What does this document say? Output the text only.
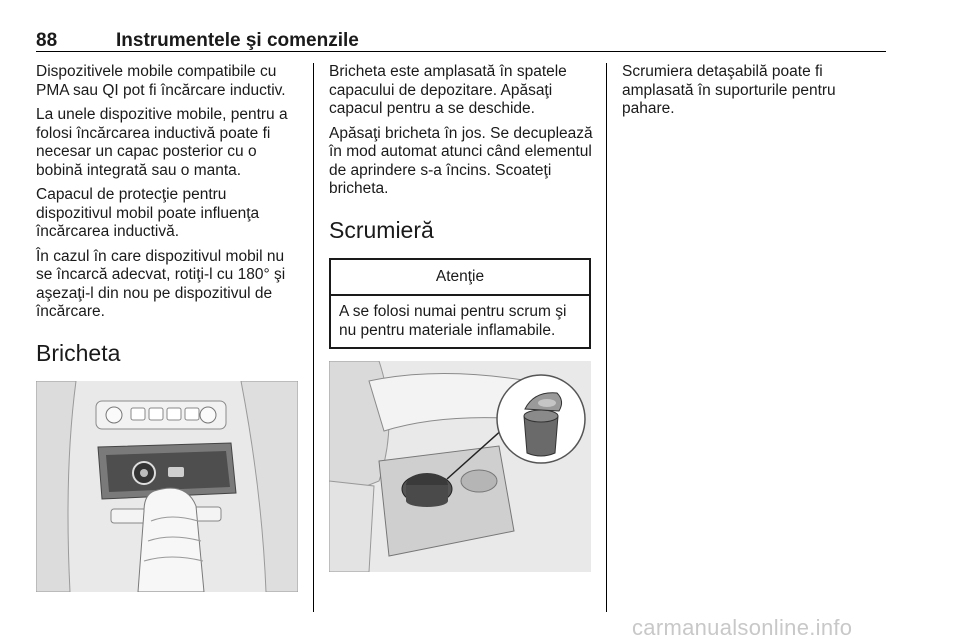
88	Instrumentele şi comenzile

Dispozitivele mobile compatibile cu PMA sau QI pot fi încărcare inductiv.

La unele dispozitive mobile, pentru a folosi încărcarea inductivă poate fi necesar un capac posterior cu o bobină integrată sau o manta.

Capacul de protecţie pentru dispozitivul mobil poate influenţa încărcarea inductivă.

În cazul în care dispozitivul mobil nu se încarcă adecvat, rotiţi-l cu 180° şi aşezaţi-l din nou pe dispozitivul de încărcare.

Bricheta

Bricheta este amplasată în spatele capacului de depozitare. Apăsaţi capacul pentru a se deschide.

Apăsaţi bricheta în jos. Se decuplează în mod automat atunci când elementul de aprindere s-a încins. Scoateţi bricheta.

Scrumieră
Atenţie
A se folosi numai pentru scrum şi nu pentru materiale inflamabile.

Scrumiera detaşabilă poate fi amplasată în suporturile pentru pahare.

carmanualsonline.info
